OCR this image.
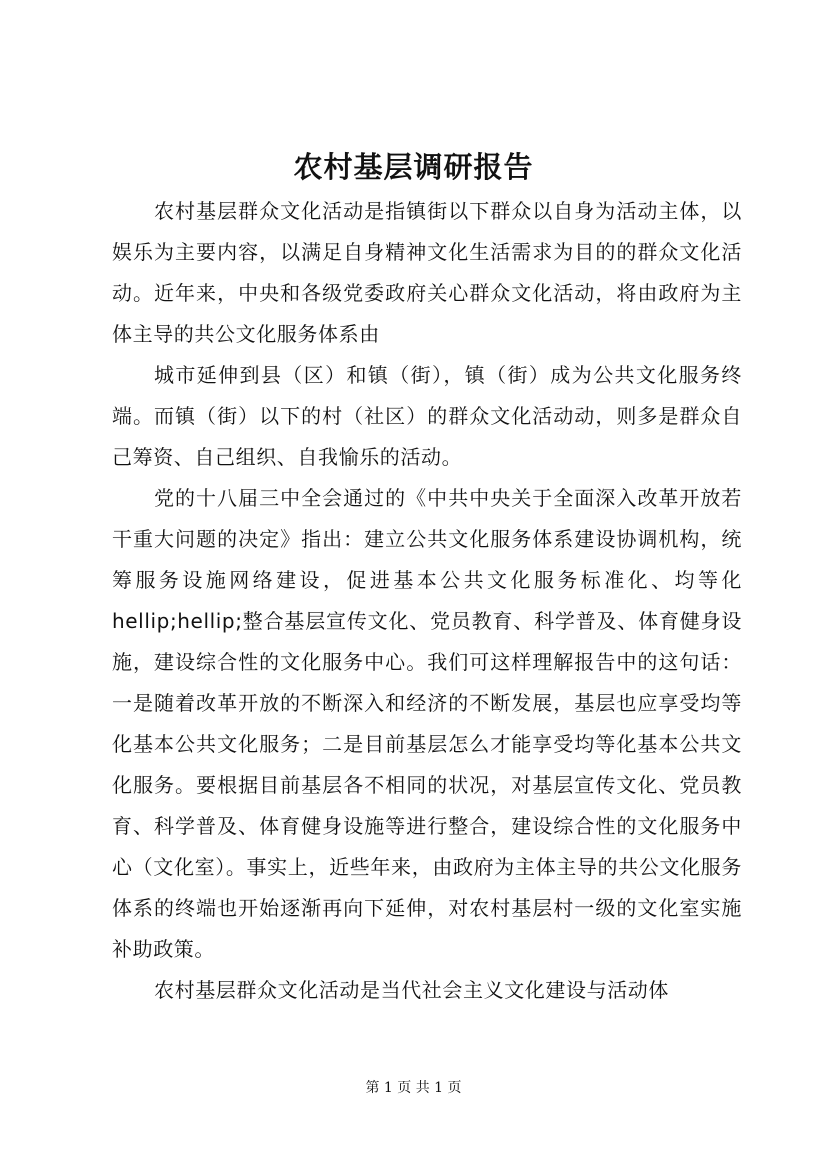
农村基层调研报告

农村基层群众文化活动是指镇街以下群众以自身为活动主体，以娱乐为主要内容，以满足自身精神文化生活需求为目的的群众文化活动。近年来，中央和各级党委政府关心群众文化活动，将由政府为主体主导的共公文化服务体系由

城市延伸到县（区）和镇（街），镇（街）成为公共文化服务终端。而镇（街）以下的村（社区）的群众文化活动动，则多是群众自己筹资、自己组织、自我愉乐的活动。

党的十八届三中全会通过的《中共中央关于全面深入改革开放若干重大问题的决定》指出：建立公共文化服务体系建设协调机构，统筹服务设施网络建设，促进基本公共文化服务标准化、均等化 hellip;hellip;整合基层宣传文化、党员教育、科学普及、体育健身设施，建设综合性的文化服务中心。我们可这样理解报告中的这句话：一是随着改革开放的不断深入和经济的不断发展，基层也应享受均等化基本公共文化服务；二是目前基层怎么才能享受均等化基本公共文化服务。要根据目前基层各不相同的状况，对基层宣传文化、党员教育、科学普及、体育健身设施等进行整合，建设综合性的文化服务中心（文化室）。事实上，近些年来，由政府为主体主导的共公文化服务体系的终端也开始逐渐再向下延伸，对农村基层村一级的文化室实施补助政策。

农村基层群众文化活动是当代社会主义文化建设与活动体

第 1 页 共 1 页
